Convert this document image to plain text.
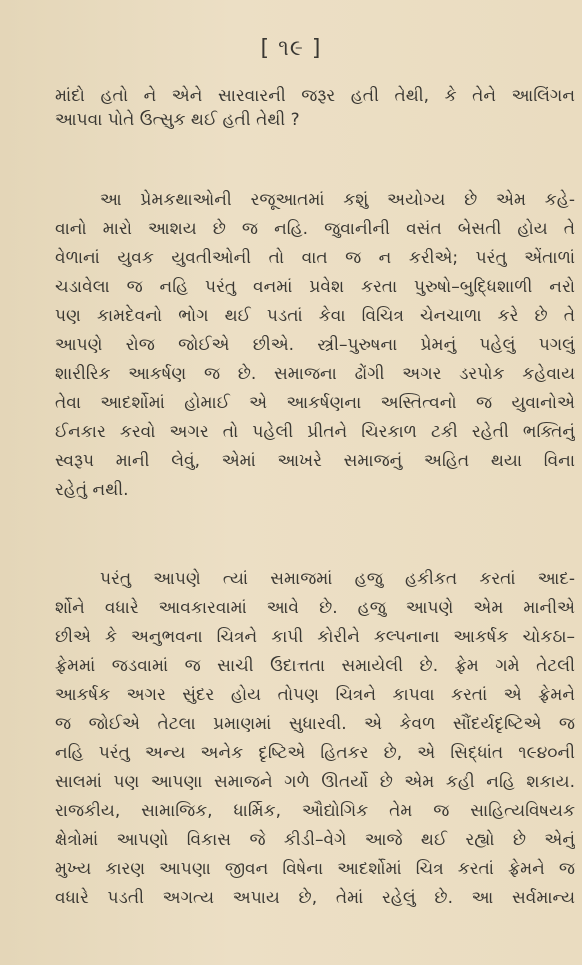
[ ૧૯ ]
માંદો હતો ને એને સારવારની જરૂર હતી તેથી, કે તેને આલિંગન
આપવા પોતે ઉત્સુક થઈ હતી તેથી ?
આ પ્રેમકથાઓની રજૂઆતમાં કશું અયોગ્ય છે એમ કહે-
વાનો મારો આશય છે જ નહિ. જુવાનીની વસંત બેસતી હોય તે
વેળાનાં યુવક યુવતીઓની તો વાત જ ન કરીએ; પરંતુ એંતાળાં
ચડાવેલા જ નહિ પરંતુ વનમાં પ્રવેશ કરતા પુરુષો–બુદ્ધિશાળી નરો
પણ કામદેવનો ભોગ થઈ પડતાં કેવા વિચિત્ર ચેનચાળા કરે છે તે
આપણે રોજ જોઈએ છીએ. સ્ત્રી–પુરુષના પ્રેમનું પહેલું પગલું
શારીરિક આકર્ષણ જ છે. સમાજના ઢોંગી અગર ડરપોક કહેવાય
તેવા આદર્શોમાં હોમાઈ એ આકર્ષણના અસ્તિત્વનો જ યુવાનોએ
ઈનકાર કરવો અગર તો પહેલી પ્રીતને ચિરકાળ ટકી રહેતી ભક્તિનું
સ્વરૂપ માની લેવું, એમાં આખરે સમાજનું અહિત થયા વિના
રહેતું નથી.
પરંતુ આપણે ત્યાં સમાજમાં હજુ હકીકત કરતાં આદ-
ર્શોને વધારે આવકારવામાં આવે છે. હજુ આપણે એમ માનીએ
છીએ કે અનુભવના ચિત્રને કાપી કોરીને કલ્પનાના આકર્ષક ચોકઠા–
ફ્રેમમાં જડવામાં જ સાચી ઉદાત્તતા સમાયેલી છે. ફ્રેમ ગમે તેટલી
આકર્ષક અગર સુંદર હોય તોપણ ચિત્રને કાપવા કરતાં એ ફ્રેમને
જ જોઈએ તેટલા પ્રમાણમાં સુધારવી. એ કેવળ સૌંદર્યદૃષ્ટિએ જ
નહિ પરંતુ અન્ય અનેક દૃષ્ટિએ હિતકર છે, એ સિદ્ધાંત ૧૯૪૦ની
સાલમાં પણ આપણા સમાજને ગળે ઊતર્યો છે એમ કહી નહિ શકાય.
રાજકીય, સામાજિક, ધાર્મિક, ઔદ્યોગિક તેમ જ સાહિત્યવિષયક
ક્ષેત્રોમાં આપણો વિકાસ જે કીડી–વેગે આજે થઈ રહ્યો છે એનું
મુખ્ય કારણ આપણા જીવન વિષેના આદર્શોમાં ચિત્ર કરતાં ફ્રેમને જ
વધારે પડતી અગત્ય અપાય છે, તેમાં રહેલું છે. આ સર્વમાન્ય
